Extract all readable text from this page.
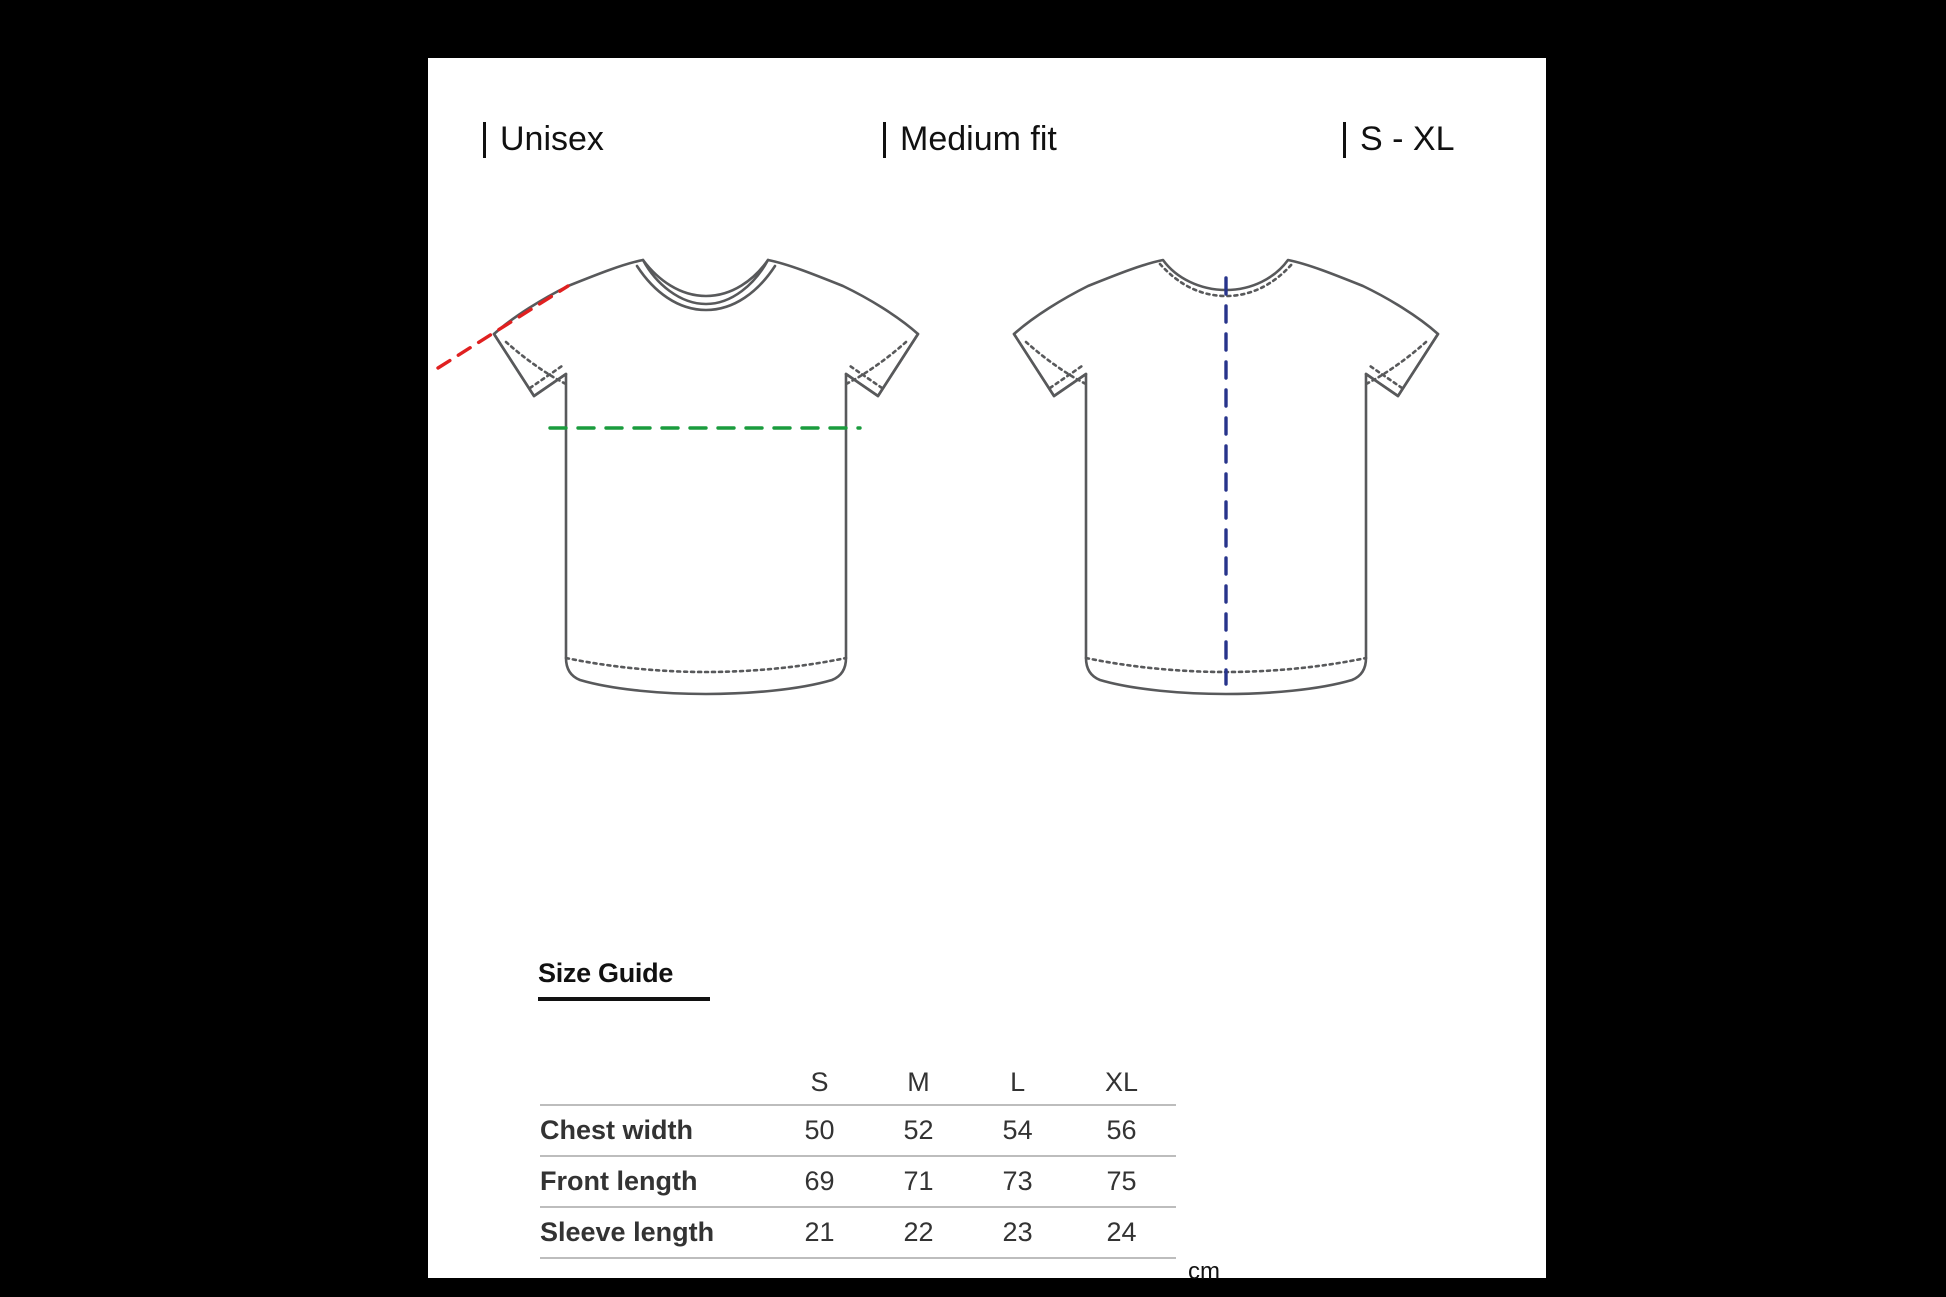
Unisex	Medium fit	S - XL
Size Guide
	S	M	L	XL
Chest width	50	52	54	56
Front length	69	71	73	75
Sleeve length	21	22	23	24
cm
